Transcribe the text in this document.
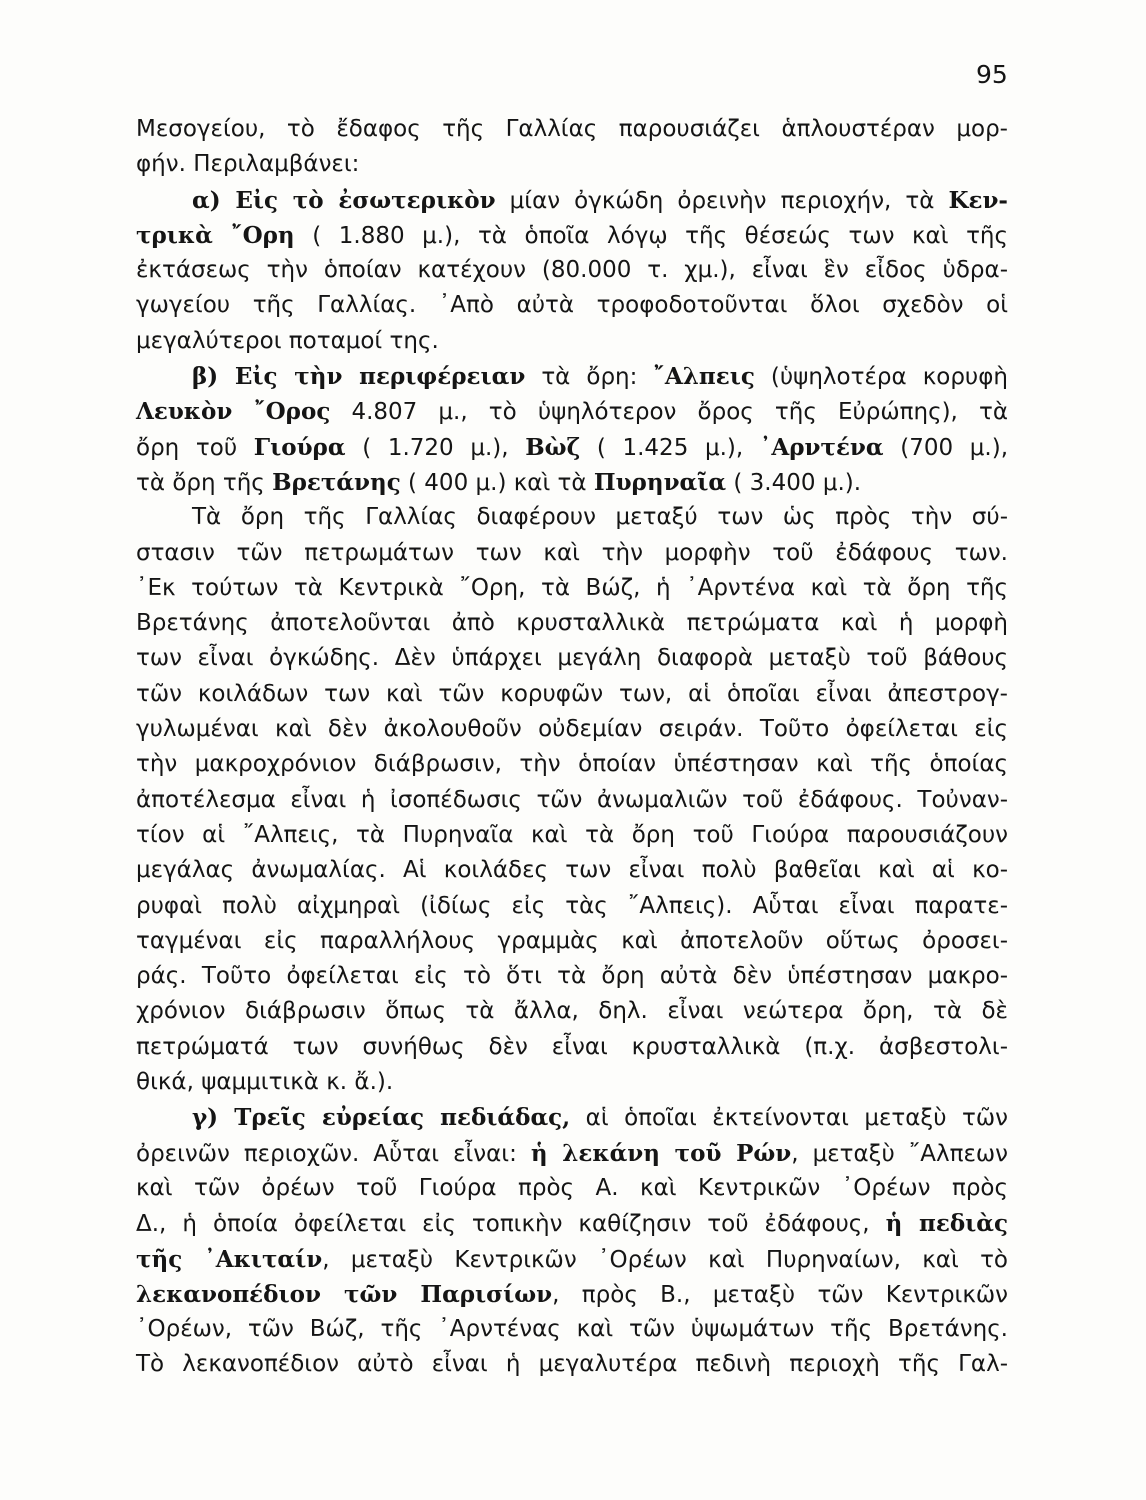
95
Μεσογείου, τὸ ἔδαφος τῆς Γαλλίας παρουσιάζει ἁπλουστέραν μορ-
φήν. Περιλαμβάνει:
α) Εἰς τὸ ἐσωτερικὸν μίαν ὀγκώδη ὀρεινὴν περιοχήν, τὰ Κεν-
τρικὰ ῎Ορη ( 1.880 μ.), τὰ ὁποῖα λόγῳ τῆς θέσεώς των καὶ τῆς
ἐκτάσεως τὴν ὁποίαν κατέχουν (80.000 τ. χμ.), εἶναι ἓν εἶδος ὑδρα-
γωγείου τῆς Γαλλίας. ᾿Απὸ αὐτὰ τροφοδοτοῦνται ὅλοι σχεδὸν οἱ
μεγαλύτεροι ποταμοί της.
β) Εἰς τὴν περιφέρειαν τὰ ὄρη: ῎Αλπεις (ὑψηλοτέρα κορυφὴ
Λευκὸν ῎Ορος 4.807 μ., τὸ ὑψηλότερον ὄρος τῆς Εὐρώπης), τὰ
ὄρη τοῦ Γιούρα ( 1.720 μ.), Βὼζ ( 1.425 μ.), ᾿Αρντένα (700 μ.),
τὰ ὄρη τῆς Βρετάνης ( 400 μ.) καὶ τὰ Πυρηναῖα ( 3.400 μ.).
Τὰ ὄρη τῆς Γαλλίας διαφέρουν μεταξύ των ὡς πρὸς τὴν σύ-
στασιν τῶν πετρωμάτων των καὶ τὴν μορφὴν τοῦ ἐδάφους των.
᾿Εκ τούτων τὰ Κεντρικὰ ῎Ορη, τὰ Βώζ, ἡ ᾿Αρντένα καὶ τὰ ὄρη τῆς
Βρετάνης ἀποτελοῦνται ἀπὸ κρυσταλλικὰ πετρώματα καὶ ἡ μορφὴ
των εἶναι ὀγκώδης. Δὲν ὑπάρχει μεγάλη διαφορὰ μεταξὺ τοῦ βάθους
τῶν κοιλάδων των καὶ τῶν κορυφῶν των, αἱ ὁποῖαι εἶναι ἀπεστρογ-
γυλωμέναι καὶ δὲν ἀκολουθοῦν οὐδεμίαν σειράν. Τοῦτο ὀφείλεται εἰς
τὴν μακροχρόνιον διάβρωσιν, τὴν ὁποίαν ὑπέστησαν καὶ τῆς ὁποίας
ἀποτέλεσμα εἶναι ἡ ἰσοπέδωσις τῶν ἀνωμαλιῶν τοῦ ἐδάφους. Τοὐναν-
τίον αἱ ῎Αλπεις, τὰ Πυρηναῖα καὶ τὰ ὄρη τοῦ Γιούρα παρουσιάζουν
μεγάλας ἀνωμαλίας. Αἱ κοιλάδες των εἶναι πολὺ βαθεῖαι καὶ αἱ κο-
ρυφαὶ πολὺ αἰχμηραὶ (ἰδίως εἰς τὰς ῎Αλπεις). Αὗται εἶναι παρατε-
ταγμέναι εἰς παραλλήλους γραμμὰς καὶ ἀποτελοῦν οὕτως ὀροσει-
ράς. Τοῦτο ὀφείλεται εἰς τὸ ὅτι τὰ ὄρη αὐτὰ δὲν ὑπέστησαν μακρο-
χρόνιον διάβρωσιν ὅπως τὰ ἄλλα, δηλ. εἶναι νεώτερα ὄρη, τὰ δὲ
πετρώματά των συνήθως δὲν εἶναι κρυσταλλικὰ (π.χ. ἀσβεστολι-
θικά, ψαμμιτικὰ κ. ἄ.).
γ) Τρεῖς εὐρείας πεδιάδας, αἱ ὁποῖαι ἐκτείνονται μεταξὺ τῶν
ὀρεινῶν περιοχῶν. Αὗται εἶναι: ἡ λεκάνη τοῦ Ρών, μεταξὺ ῎Αλπεων
καὶ τῶν ὀρέων τοῦ Γιούρα πρὸς Α. καὶ Κεντρικῶν ᾿Ορέων πρὸς
Δ., ἡ ὁποία ὀφείλεται εἰς τοπικὴν καθίζησιν τοῦ ἐδάφους, ἡ πεδιὰς
τῆς ᾿Ακιταίν, μεταξὺ Κεντρικῶν ᾿Ορέων καὶ Πυρηναίων, καὶ τὸ
λεκανοπέδιον τῶν Παρισίων, πρὸς Β., μεταξὺ τῶν Κεντρικῶν
᾿Ορέων, τῶν Βώζ, τῆς ᾿Αρντένας καὶ τῶν ὑψωμάτων τῆς Βρετάνης.
Τὸ λεκανοπέδιον αὐτὸ εἶναι ἡ μεγαλυτέρα πεδινὴ περιοχὴ τῆς Γαλ-
